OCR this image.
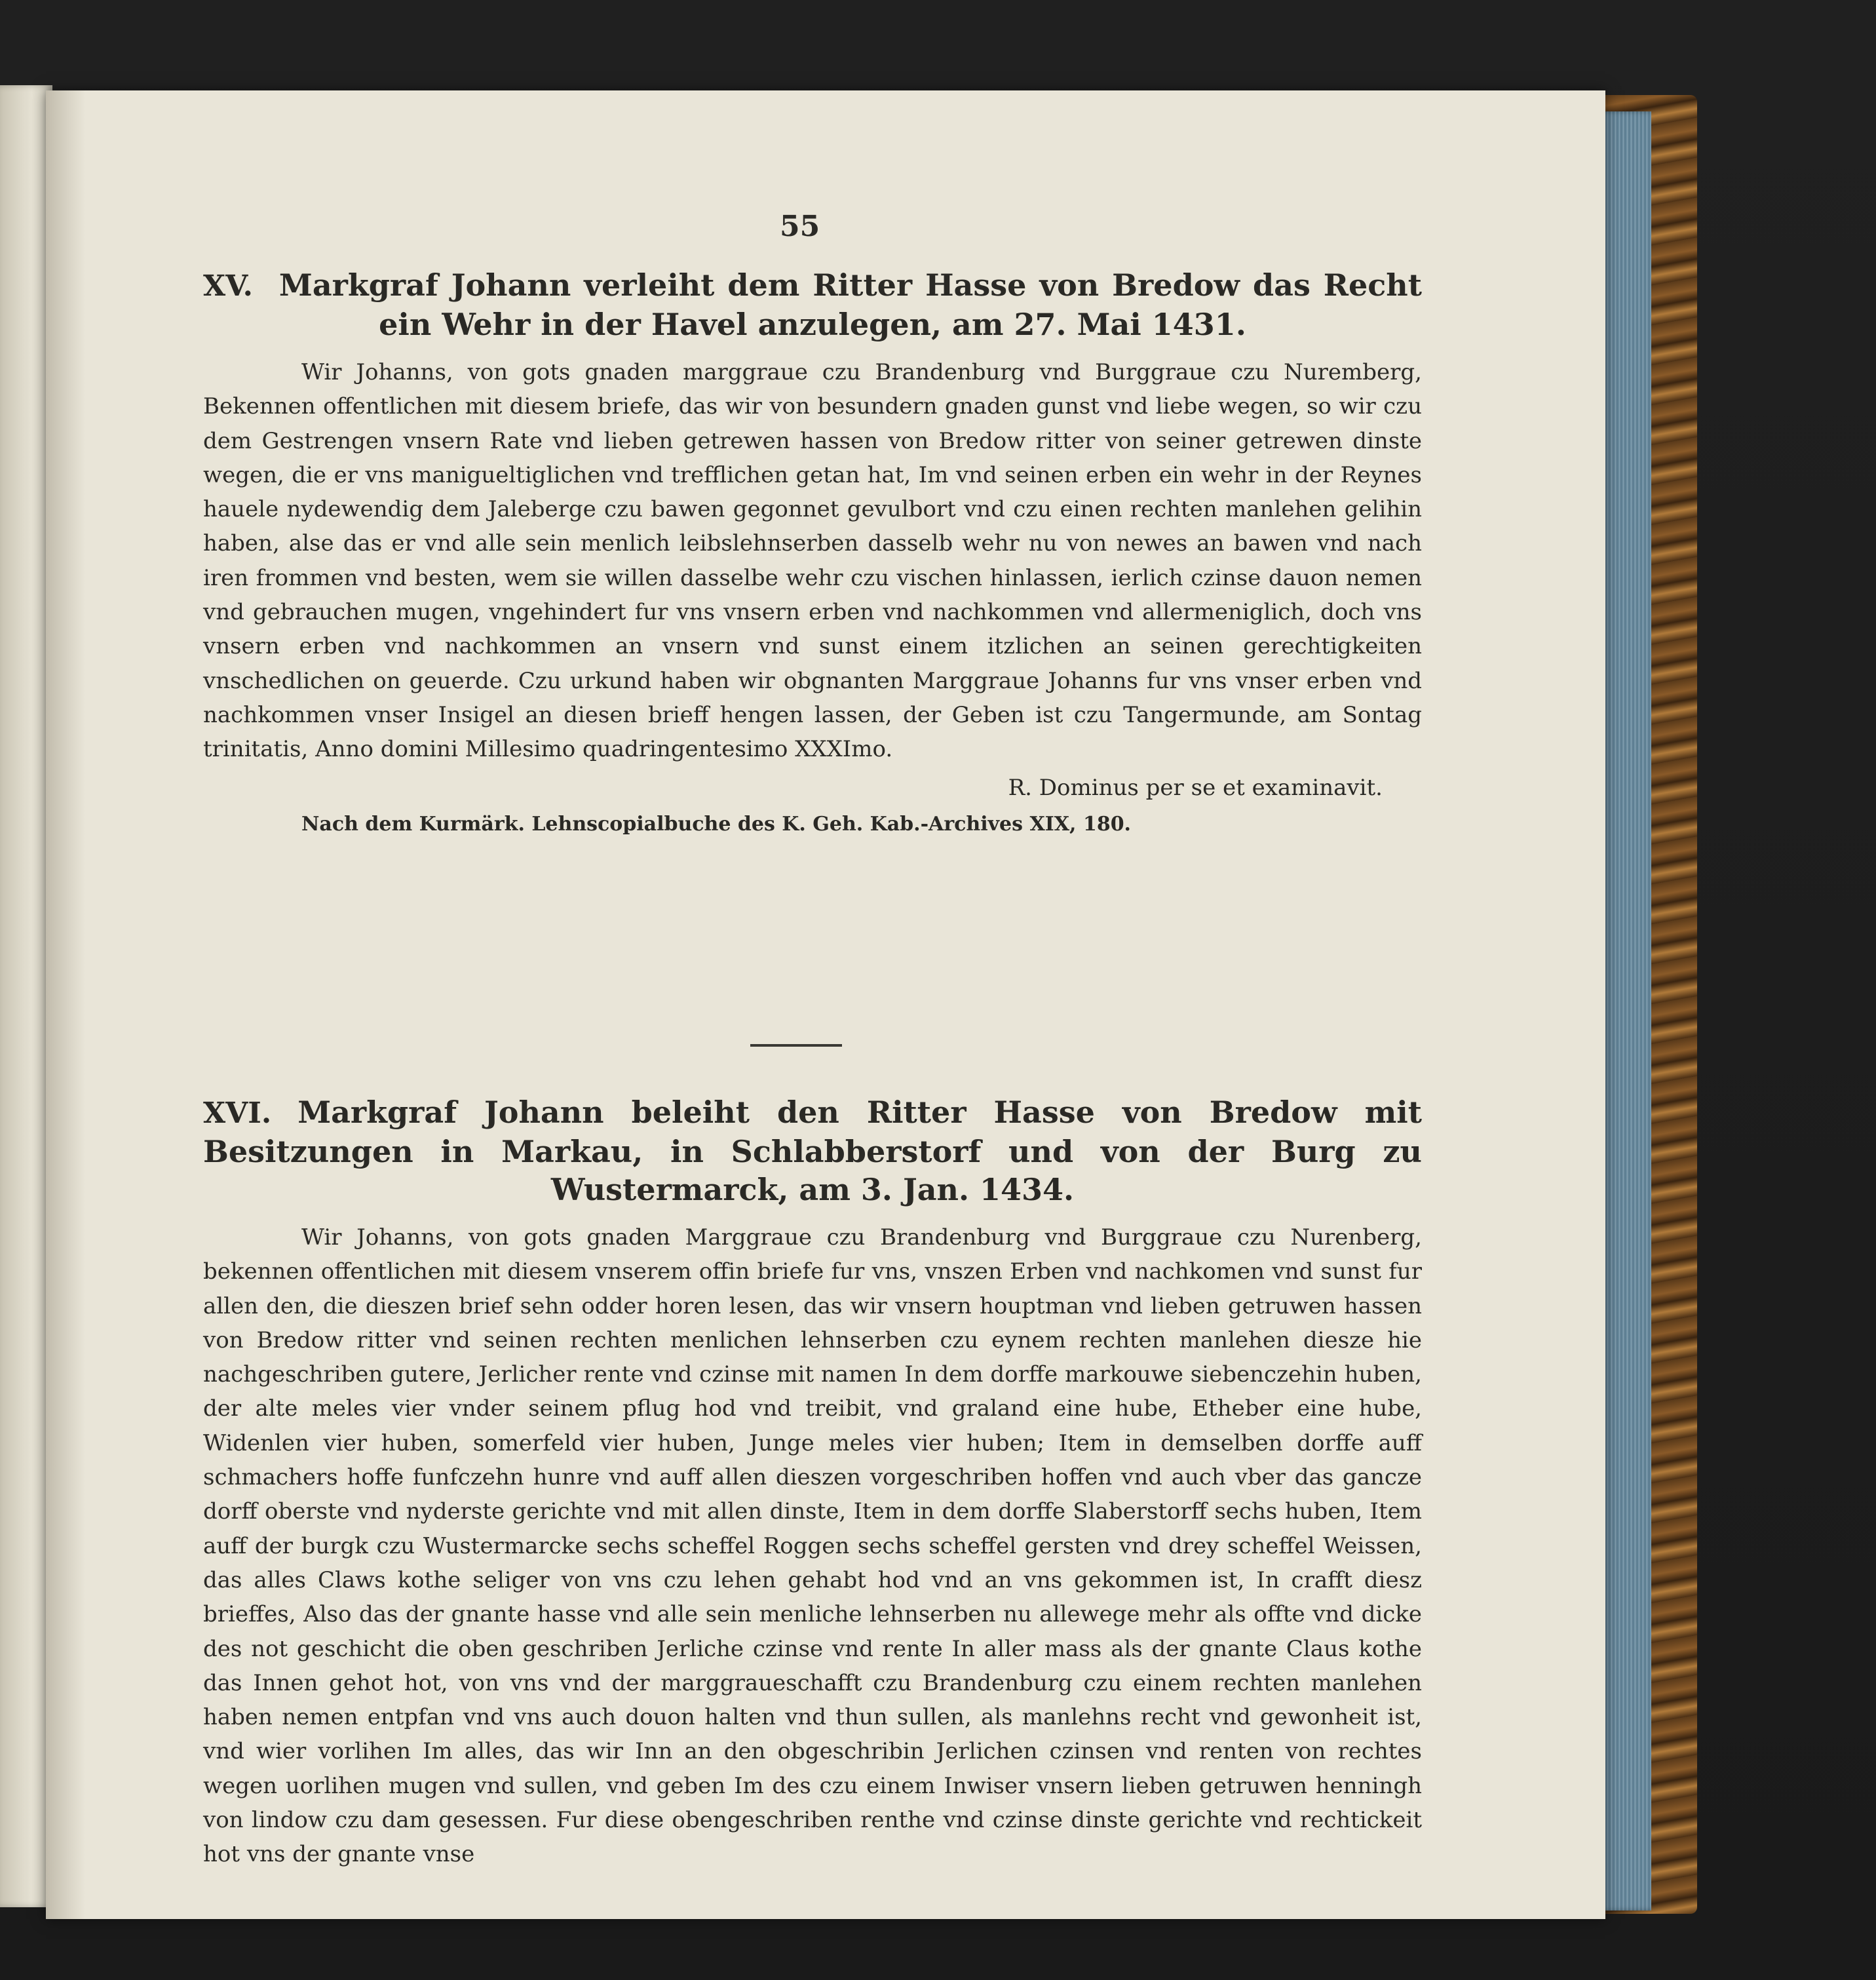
55
XV. Markgraf Johann verleiht dem Ritter Hasse von Bredow das Recht ein Wehr in der Havel anzulegen, am 27. Mai 1431.

Wir Johanns, von gots gnaden marggraue czu Brandenburg vnd Burggraue czu Nuremberg, Bekennen offentlichen mit diesem briefe, das wir von besundern gnaden gunst vnd liebe wegen, so wir czu dem Gestrengen vnsern Rate vnd lieben getrewen hassen von Bredow ritter von seiner getrewen dinste wegen, die er vns manigueltiglichen vnd trefflichen getan hat, Im vnd seinen erben ein wehr in der Reynes hauele nydewendig dem Jaleberge czu bawen gegonnet gevulbort vnd czu einen rechten manlehen gelihin haben, alse das er vnd alle sein menlich leibslehnserben dasselb wehr nu von newes an bawen vnd nach iren frommen vnd besten, wem sie willen dasselbe wehr czu vischen hinlassen, ierlich czinse dauon nemen vnd gebrauchen mugen, vngehindert fur vns vnsern erben vnd nachkommen vnd allermeniglich, doch vns vnsern erben vnd nachkommen an vnsern vnd sunst einem itzlichen an seinen gerechtigkeiten vnschedlichen on geuerde. Czu urkund haben wir obgnanten Marggraue Johanns fur vns vnser erben vnd nachkommen vnser Insigel an diesen brieff hengen lassen, der Geben ist czu Tangermunde, am Sontag trinitatis, Anno domini Millesimo quadringentesimo XXXImo.

R. Dominus per se et examinavit.
Nach dem Kurmärk. Lehnscopialbuche des K. Geh. Kab.-Archives XIX, 180.
XVI. Markgraf Johann beleiht den Ritter Hasse von Bredow mit Besitzungen in Markau, in Schlabberstorf und von der Burg zu Wustermarck, am 3. Jan. 1434.

Wir Johanns, von gots gnaden Marggraue czu Brandenburg vnd Burggraue czu Nurenberg, bekennen offentlichen mit diesem vnserem offin briefe fur vns, vnszen Erben vnd nachkomen vnd sunst fur allen den, die dieszen brief sehn odder horen lesen, das wir vnsern houptman vnd lieben getruwen hassen von Bredow ritter vnd seinen rechten menlichen lehnserben czu eynem rechten manlehen diesze hie nachgeschriben gutere, Jerlicher rente vnd czinse mit namen In dem dorffe markouwe siebenczehin huben, der alte meles vier vnder seinem pflug hod vnd treibit, vnd graland eine hube, Etheber eine hube, Widenlen vier huben, somerfeld vier huben, Junge meles vier huben; Item in demselben dorffe auff schmachers hoffe funfczehn hunre vnd auff allen dieszen vorgeschriben hoffen vnd auch vber das gancze dorff oberste vnd nyderste gerichte vnd mit allen dinste, Item in dem dorffe Slaberstorff sechs huben, Item auff der burgk czu Wustermarcke sechs scheffel Roggen sechs scheffel gersten vnd drey scheffel Weissen, das alles Claws kothe seliger von vns czu lehen gehabt hod vnd an vns gekommen ist, In crafft diesz brieffes, Also das der gnante hasse vnd alle sein menliche lehnserben nu allewege mehr als offte vnd dicke des not geschicht die oben geschriben Jerliche czinse vnd rente In aller mass als der gnante Claus kothe das Innen gehot hot, von vns vnd der marggraueschafft czu Brandenburg czu einem rechten manlehen haben nemen entpfan vnd vns auch douon halten vnd thun sullen, als manlehns recht vnd gewonheit ist, vnd wier vorlihen Im alles, das wir Inn an den obgeschribin Jerlichen czinsen vnd renten von rechtes wegen uorlihen mugen vnd sullen, vnd geben Im des czu einem Inwiser vnsern lieben getruwen henningh von lindow czu dam gesessen. Fur diese obengeschriben renthe vnd czinse dinste gerichte vnd rechtickeit hot vns der gnante vnse
